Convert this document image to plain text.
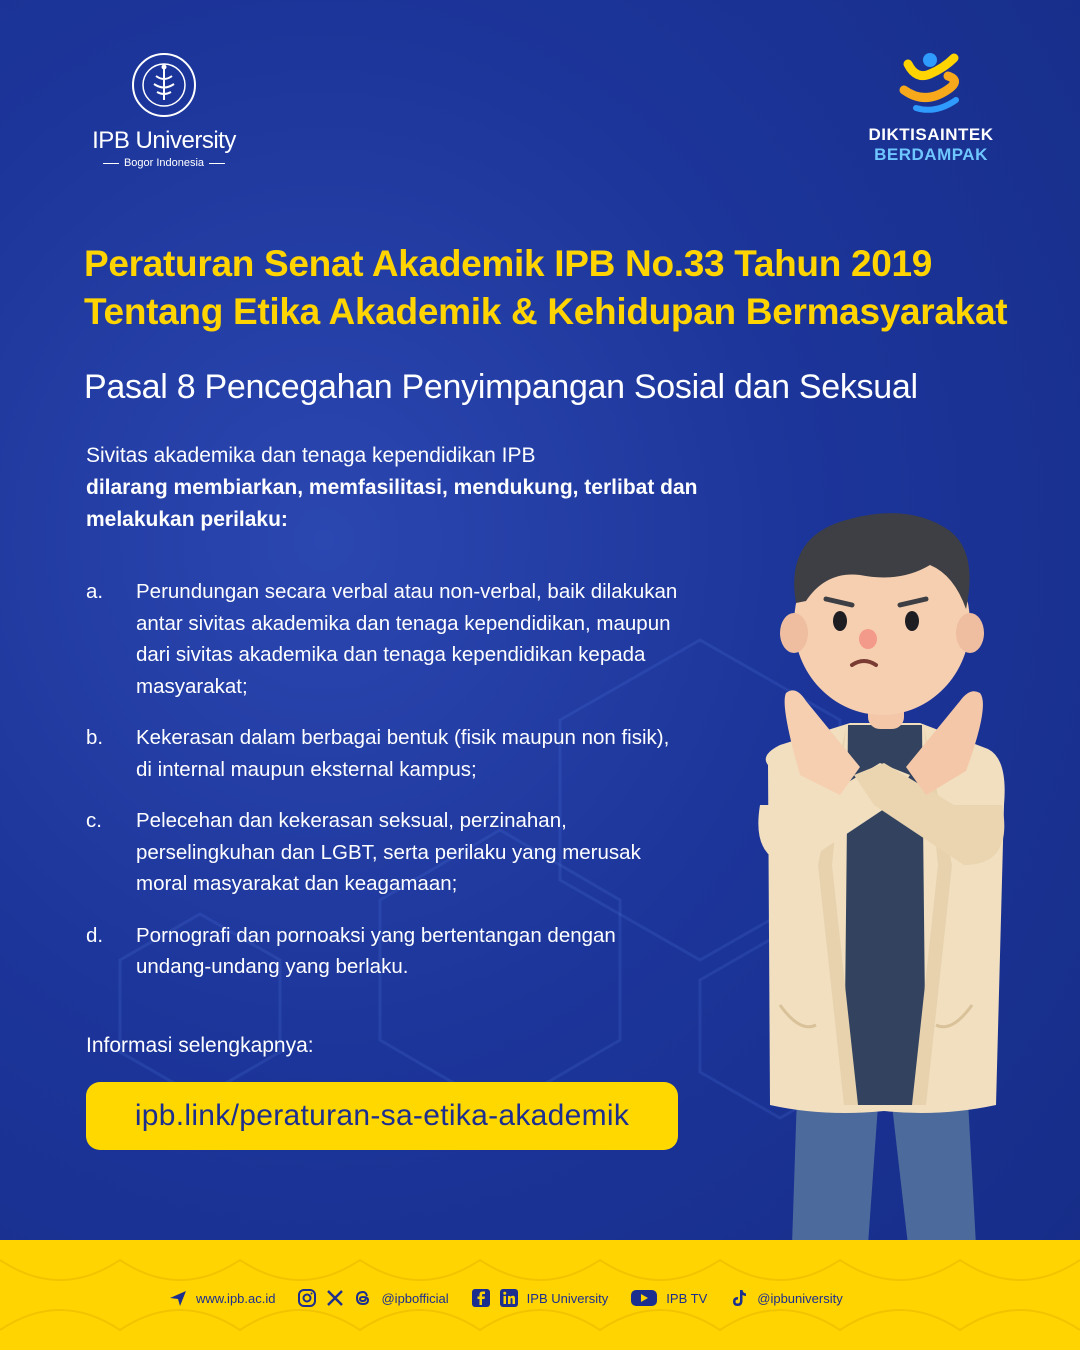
IPB University
Bogor Indonesia
DIKTISAINTEK
BERDAMPAK
Peraturan Senat Akademik IPB No.33 Tahun 2019
Tentang Etika Akademik & Kehidupan Bermasyarakat
Pasal 8 Pencegahan Penyimpangan Sosial dan Seksual
Sivitas akademika dan tenaga kependidikan IPB
dilarang membiarkan, memfasilitasi, mendukung, terlibat dan melakukan perilaku:
a.	Perundungan secara verbal atau non-verbal, baik dilakukan antar sivitas akademika dan tenaga kependidikan, maupun dari sivitas akademika dan tenaga kependidikan kepada masyarakat;
b.	Kekerasan dalam berbagai bentuk (fisik maupun non fisik), di internal maupun eksternal kampus;
c.	Pelecehan dan kekerasan seksual, perzinahan, perselingkuhan dan LGBT, serta perilaku yang merusak moral masyarakat dan keagamaan;
d.	Pornografi dan pornoaksi yang bertentangan dengan undang-undang yang berlaku.
Informasi selengkapnya:
ipb.link/peraturan-sa-etika-akademik
www.ipb.ac.id	@ipbofficial	IPB University	IPB TV	@ipbuniversity
